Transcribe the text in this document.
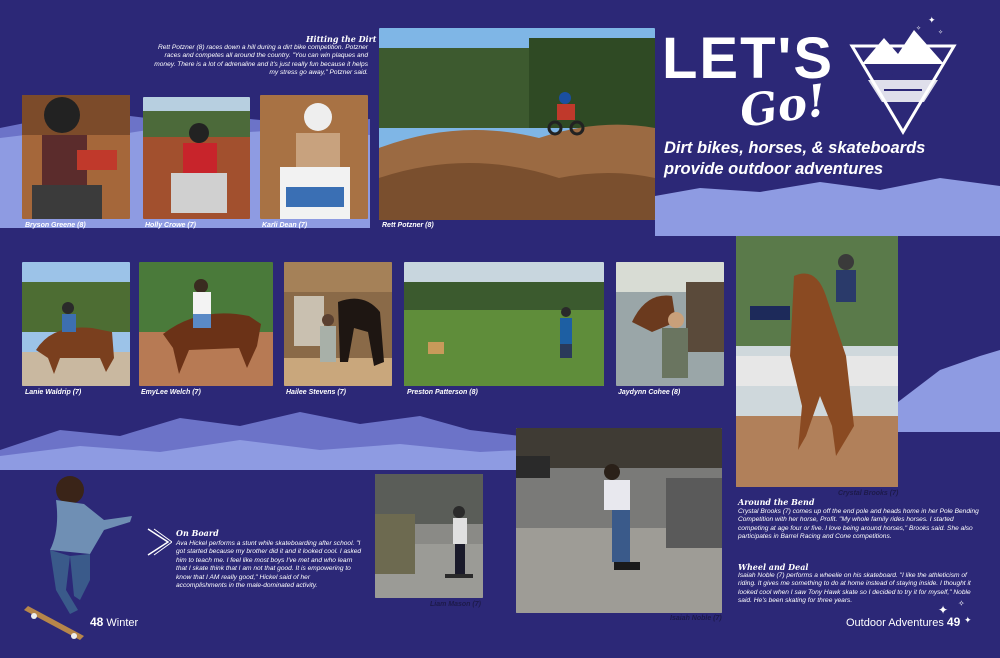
Bryson Greene (8)	Holly Crowe (7)	Karli Dean (7)	Rett Potzner (8)
Hitting the Dirt
Rett Potzner (8) races down a hill during a dirt bike competition. Potzner races and competes all around the country. "You can win plaques and money. There is a lot of adrenaline and it's just really fun because it helps my stress go away," Potzner said.	LET'S
Go!
Dirt bikes, horses, & skateboards provide outdoor adventures
✦
✧
✧
Lanie Waldrip (7)	EmyLee Welch (7)	Hailee Stevens (7)	Preston Patterson (8)	Jaydynn Cohee (8)
Crystal Brooks (7)
On Board
Ava Hickel performs a stunt while skateboarding after school. "I got started because my brother did it and it looked cool. I asked him to teach me. I feel like most boys I've met and who learn that I skate think that I am not that good. It is empowering to know that I AM really good," Hickel said of her accomplishments in the male-dominated activity.
Liam Mason (7)
Isaiah Noble (7)
Around the Bend
Crystal Brooks (7) comes up off the end pole and heads home in her Pole Bending Competition with her horse, Profit. "My whole family rides horses. I started competing at age four or five. I love being around horses," Brooks said. She also participates in Barrel Racing and Cone competitions.
Wheel and Deal
Isaiah Noble (7) performs a wheelie on his skateboard. "I like the athleticism of riding. It gives me something to do at home instead of staying inside. I thought it looked cool when I saw Tony Hawk skate so I decided to try it for myself," Noble said. He's been skating for three years.
48 Winter	Outdoor Adventures 49
✦ ✧
✦
